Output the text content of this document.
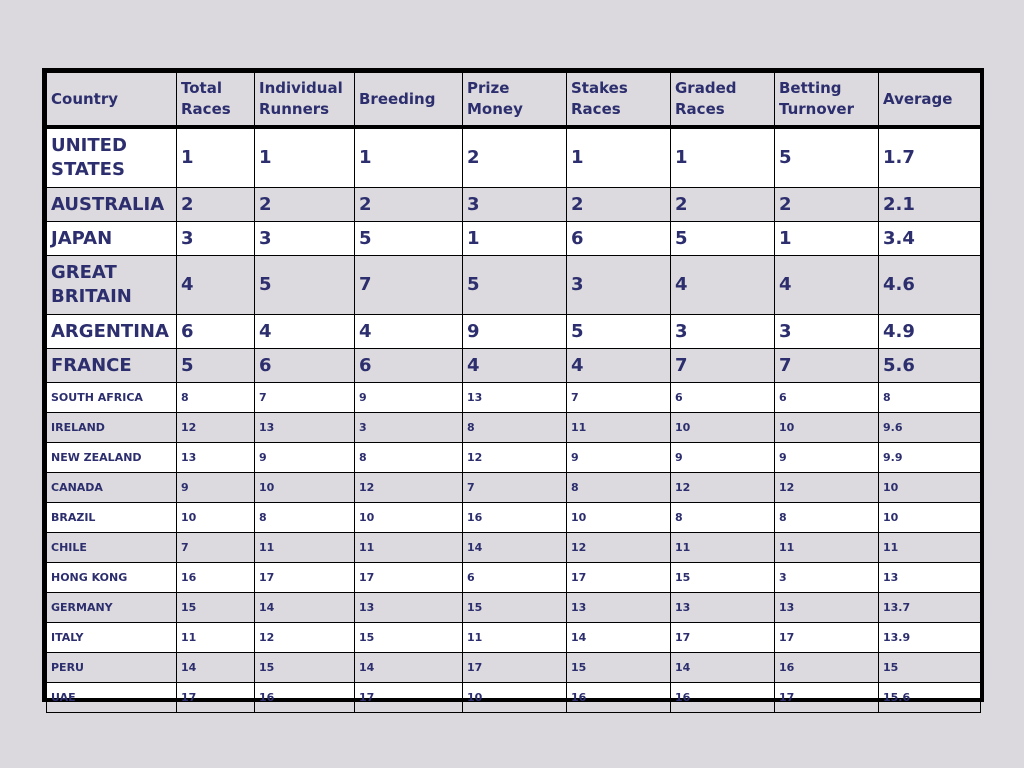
Country	Total Races	Individual Runners	Breeding	Prize Money	Stakes Races	Graded Races	Betting Turnover	Average
UNITED STATES	1	1	1	2	1	1	5	1.7
AUSTRALIA	2	2	2	3	2	2	2	2.1
JAPAN	3	3	5	1	6	5	1	3.4
GREAT BRITAIN	4	5	7	5	3	4	4	4.6
ARGENTINA	6	4	4	9	5	3	3	4.9
FRANCE	5	6	6	4	4	7	7	5.6
SOUTH AFRICA	8	7	9	13	7	6	6	8
IRELAND	12	13	3	8	11	10	10	9.6
NEW ZEALAND	13	9	8	12	9	9	9	9.9
CANADA	9	10	12	7	8	12	12	10
BRAZIL	10	8	10	16	10	8	8	10
CHILE	7	11	11	14	12	11	11	11
HONG KONG	16	17	17	6	17	15	3	13
GERMANY	15	14	13	15	13	13	13	13.7
ITALY	11	12	15	11	14	17	17	13.9
PERU	14	15	14	17	15	14	16	15
UAE	17	16	17	10	16	16	17	15.6
